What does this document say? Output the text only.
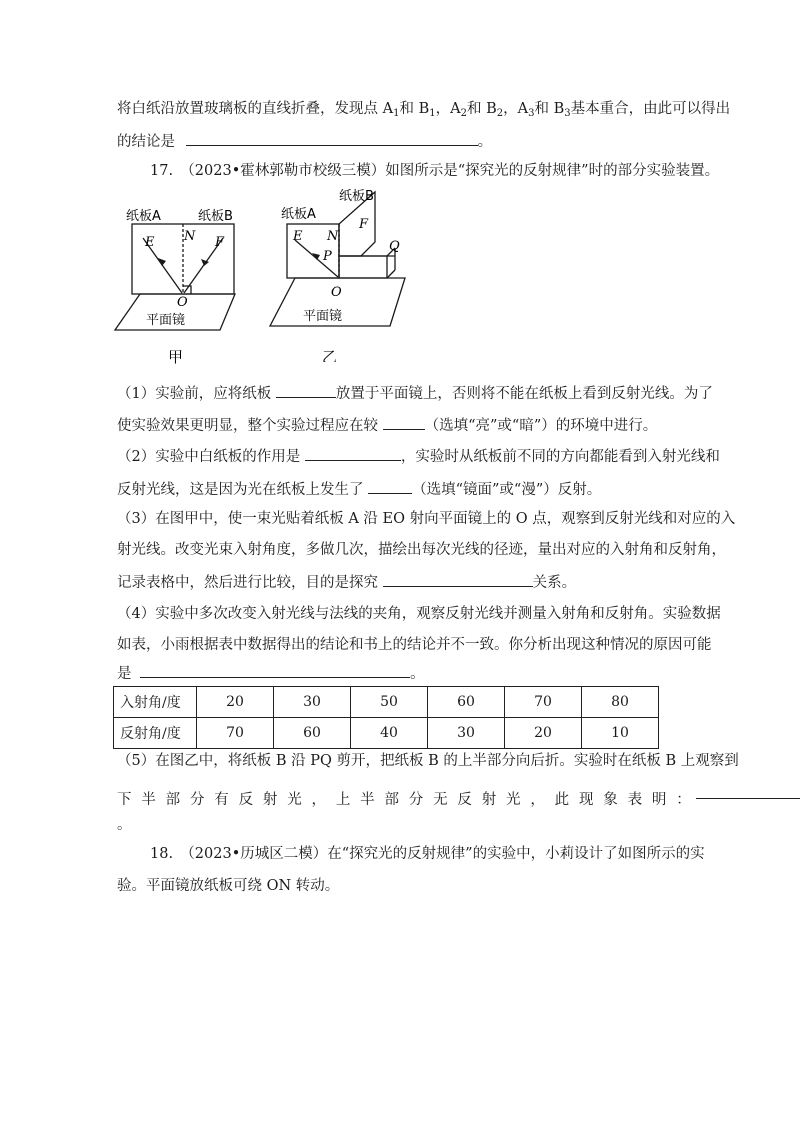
将白纸沿放置玻璃板的直线折叠，发现点 $A_1$和 $B_1$，$A_2$和 $B_2$，$A_3$和 $B_3$基本重合，由此可以得出
的结论是	。
17.　（2023•霍林郭勒市校级三模）如图所示是“探究光的反射规律”时的部分实验装置。
纸板A	纸板B
E N F
O
平面镜
甲
纸板A
纸板B
E N
F
P
Q
O
平面镜
乙
（1）实验前，应将纸板	放置于平面镜上，否则将不能在纸板上看到反射光线。为了
使实验效果更明显，整个实验过程应在较	（选填“亮”或“暗”）的环境中进行。
（2）实验中白纸板的作用是	，实验时从纸板前不同的方向都能看到入射光线和
反射光线，这是因为光在纸板上发生了	（选填“镜面”或“漫”）反射。
（3）在图甲中，使一束光贴着纸板 A 沿 EO 射向平面镜上的 O 点，观察到反射光线和对应的入
射光线。改变光束入射角度，多做几次，描绘出每次光线的径迹，量出对应的入射角和反射角，
记录表格中，然后进行比较，目的是探究	关系。
（4）实验中多次改变入射光线与法线的夹角，观察反射光线并测量入射角和反射角。实验数据
如表，小雨根据表中数据得出的结论和书上的结论并不一致。你分析出现这种情况的原因可能
是	。
入射角/度	20	30	50	60	70	80
反射角/度	70	60	40	30	20	10
（5）在图乙中，将纸板 B 沿 PQ 剪开，把纸板 B 的上半部分向后折。实验时在纸板 B 上观察到
下 半 部 分 有 反 射 光 ， 上 半 部 分 无 反 射 光 ， 此 现 象 表 明 ：
。
18.　（2023•历城区二模）在“探究光的反射规律”的实验中，小莉设计了如图所示的实
验。平面镜放纸板可绕 ON 转动。
